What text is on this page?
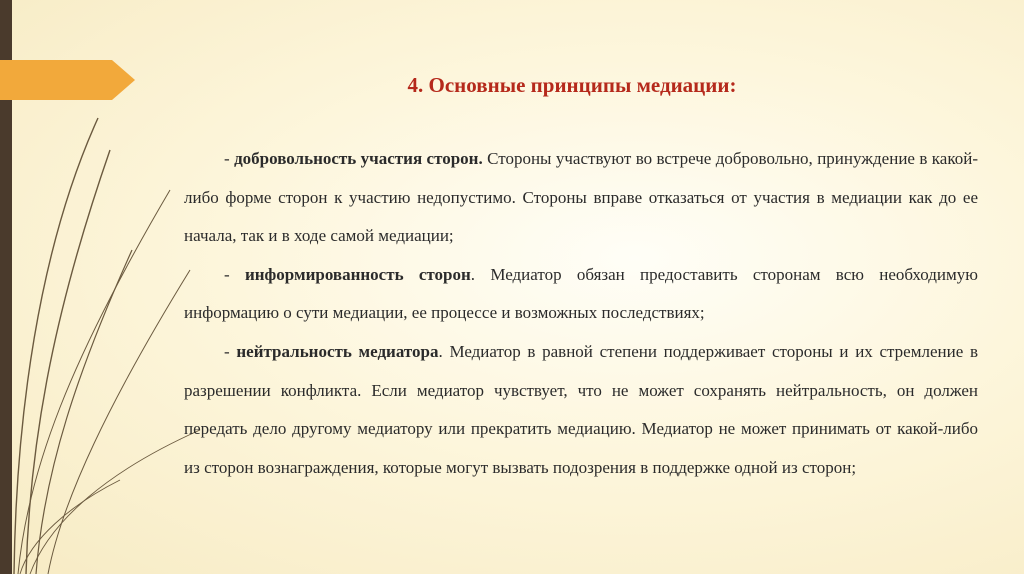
4. Основные принципы медиации:

- добровольность участия сторон. Стороны участвуют во встрече добровольно, принуждение в какой-либо форме сторон к участию недопустимо. Стороны вправе отказаться от участия в медиации как до ее начала, так и в ходе самой медиации;

- информированность сторон. Медиатор обязан предоставить сторонам всю необходимую информацию о сути медиации, ее процессе и возможных последствиях;

- нейтральность медиатора. Медиатор в равной степени поддерживает стороны и их стремление в разрешении конфликта. Если медиатор чувствует, что не может сохранять нейтральность, он должен передать дело другому медиатору или прекратить медиацию. Медиатор не может принимать от какой-либо из сторон вознаграждения, которые могут вызвать подозрения в поддержке одной из сторон;
